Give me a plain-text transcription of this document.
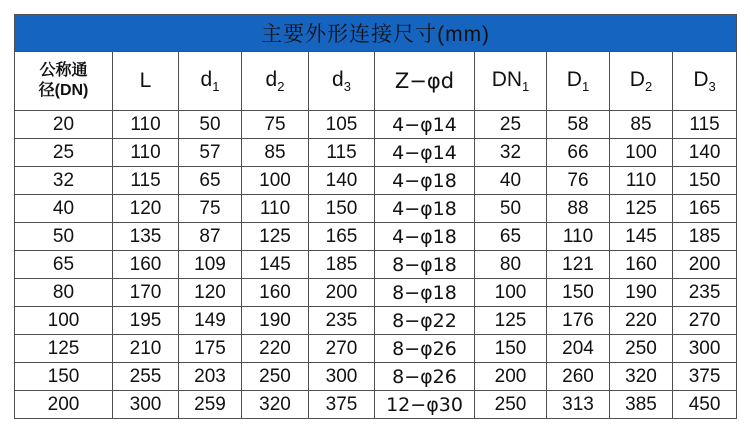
主要外形连接尺寸(mm)									

公称通
径(DN)	L	$d_1$	$d_2$	$d_3$	Z−φd	$DN_1$	$D_1$	$D_2$	$D_3$
20	110	50	75	105	4−φ14	25	58	85	115
25	110	57	85	115	4−φ14	32	66	100	140
32	115	65	100	140	4−φ18	40	76	110	150
40	120	75	110	150	4−φ18	50	88	125	165
50	135	87	125	165	4−φ18	65	110	145	185
65	160	109	145	185	8−φ18	80	121	160	200
80	170	120	160	200	8−φ18	100	150	190	235
100	195	149	190	235	8−φ22	125	176	220	270
125	210	175	220	270	8−φ26	150	204	250	300
150	255	203	250	300	8−φ26	200	260	320	375
200	300	259	320	375	12−φ30	250	313	385	450
